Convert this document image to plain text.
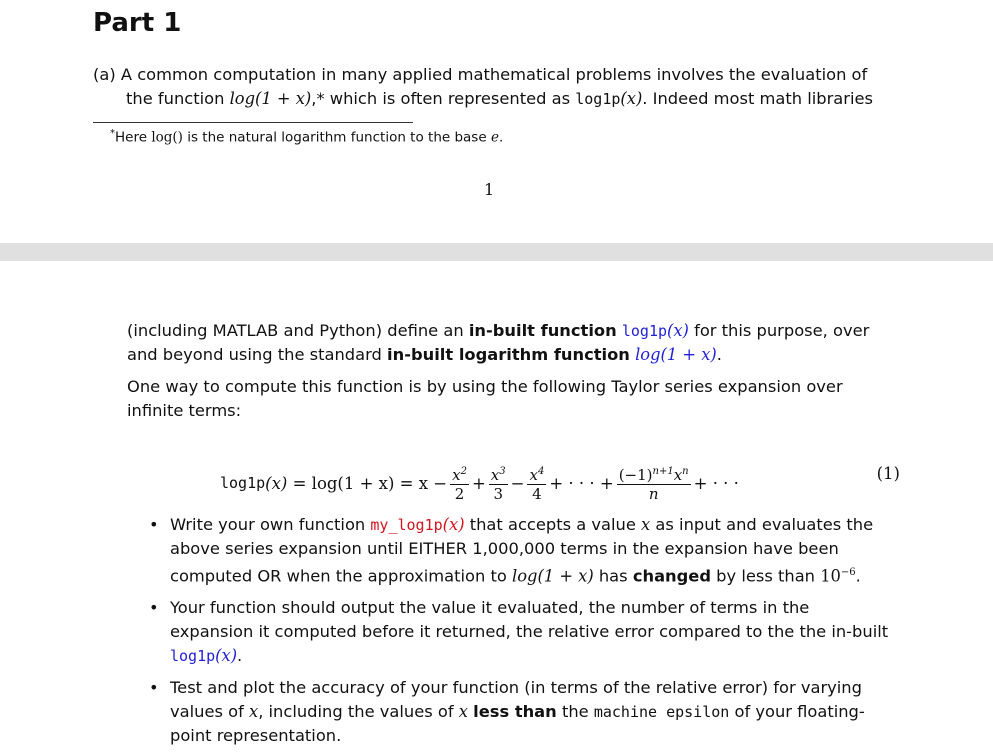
Part 1
(a) A common computation in many applied mathematical problems involves the evaluation of
the function log(1 + x),* which is often represented as log1p(x). Indeed most math libraries
*Here log() is the natural logarithm function to the base e.
1
(including MATLAB and Python) define an in-built function log1p(x) for this purpose, over and beyond using the standard in-built logarithm function log(1 + x).
One way to compute this function is by using the following Taylor series expansion over infinite terms:
log1p (x)
= $\log(1 + x) = x - \frac{x^2}{2} + \frac{x^3}{3} - \frac{x^4}{4}$ + · · · + $\frac{(-1)^{n+1}x^n}{n}$ + · · ·	(1)
• Write your own function my_log1p(x) that accepts a value x as input and evaluates the above series expansion until EITHER 1,000,000 terms in the expansion have been computed OR when the approximation to log(1 + x) has changed by less than $10^{-6}$.
• Your function should output the value it evaluated, the number of terms in the expansion it computed before it returned, the relative error compared to the the in-built log1p(x).
• Test and plot the accuracy of your function (in terms of the relative error) for varying values of x, including the values of x less than the machine epsilon of your floating-point representation.
